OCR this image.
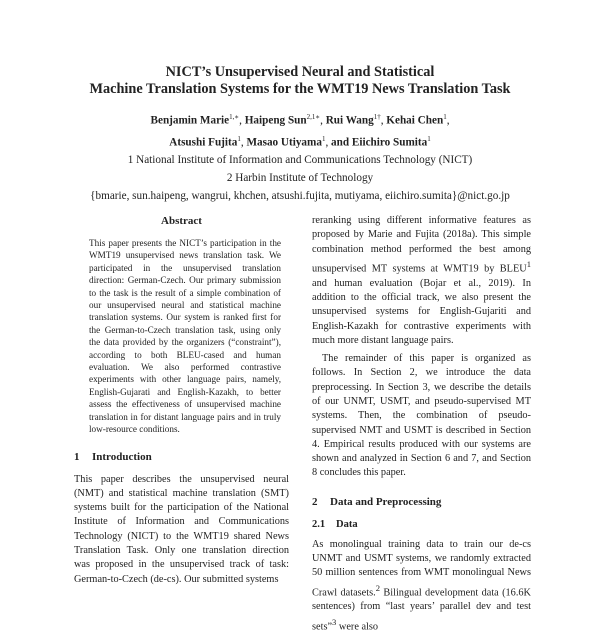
NICT’s Unsupervised Neural and Statistical
Machine Translation Systems for the WMT19 News Translation Task
Benjamin Marie$^{1,∗}$, Haipeng Sun$^{2,1∗}$, Rui Wang$^{1\dagger}$, Kehai Chen$^1$,
Atsushi Fujita$^1$, Masao Utiyama$^1$, and Eiichiro Sumita$^1$
1 National Institute of Information and Communications Technology (NICT)
2 Harbin Institute of Technology
{bmarie, sun.haipeng, wangrui, khchen, atsushi.fujita, mutiyama, eiichiro.sumita}@nict.go.jp
Abstract
This paper presents the NICT’s participation in the WMT19 unsupervised news translation task. We participated in the unsupervised translation direction: German-Czech. Our primary submission to the task is the result of a simple combination of our unsupervised neural and statistical machine translation systems. Our system is ranked first for the German-to-Czech translation task, using only the data provided by the organizers (“constraint”), according to both BLEU-cased and human evaluation. We also performed contrastive experiments with other language pairs, namely, English-Gujarati and English-Kazakh, to better assess the effectiveness of unsupervised machine translation in for distant language pairs and in truly low-resource conditions.
1 Introduction

This paper describes the unsupervised neural (NMT) and statistical machine translation (SMT) systems built for the participation of the National Institute of Information and Communications Technology (NICT) to the WMT19 shared News Translation Task. Only one translation direction was proposed in the unsupervised track of task: German-to-Czech (de-cs). Our submitted systems

reranking using different informative features as proposed by Marie and Fujita (2018a). This simple combination method performed the best among unsupervised MT systems at WMT19 by BLEU$^1$ and human evaluation (Bojar et al., 2019). In addition to the official track, we also present the unsupervised systems for English-Gujariti and English-Kazakh for contrastive experiments with much more distant language pairs.

The remainder of this paper is organized as follows. In Section 2, we introduce the data preprocessing. In Section 3, we describe the details of our UNMT, USMT, and pseudo-supervised MT systems. Then, the combination of pseudo-supervised NMT and USMT is described in Section 4. Empirical results produced with our systems are shown and analyzed in Section 6 and 7, and Section 8 concludes this paper.

2 Data and Preprocessing
2.1 Data

As monolingual training data to train our de-cs UNMT and USMT systems, we randomly extracted 50 million sentences from WMT monolingual News Crawl datasets.$^2$ Bilingual development data (16.6K sentences) from “last years’ parallel dev and test sets”$^3$ were also
